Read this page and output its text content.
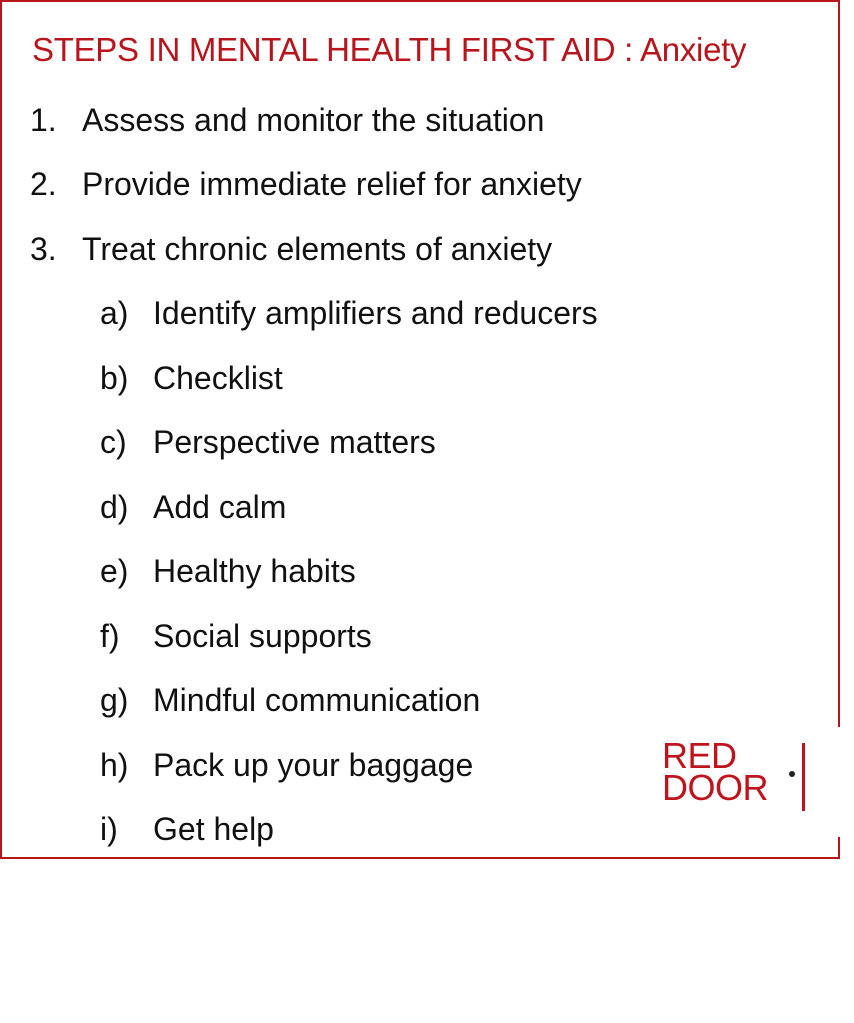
STEPS IN MENTAL HEALTH FIRST AID : Anxiety
1. Assess and monitor the situation
2. Provide immediate relief for anxiety
3. Treat chronic elements of anxiety
a) Identify amplifiers and reducers
b) Checklist
c) Perspective matters
d) Add calm
e) Healthy habits
f) Social supports
g) Mindful communication
h) Pack up your baggage
i) Get help
RED
DOOR
